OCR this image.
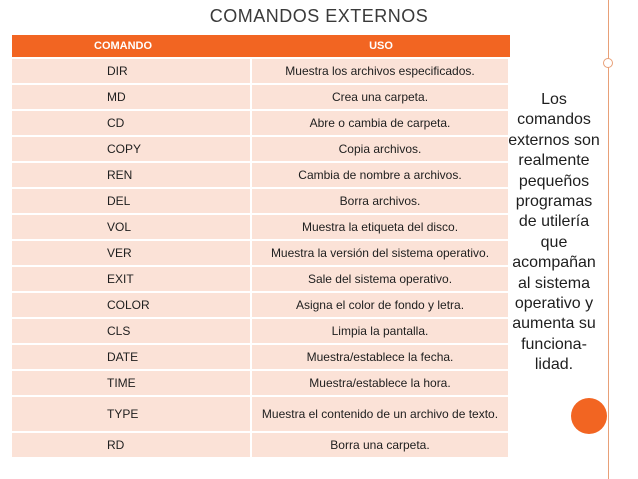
COMANDOS EXTERNOS
COMANDO	USO
DIR	Muestra los archivos especificados.
MD	Crea una carpeta.
CD	Abre o cambia de carpeta.
COPY	Copia archivos.
REN	Cambia de nombre a archivos.
DEL	Borra archivos.
VOL	Muestra la etiqueta del disco.
VER	Muestra la versión del sistema operativo.
EXIT	Sale del sistema operativo.
COLOR	Asigna el color de fondo y letra.
CLS	Limpia la pantalla.
DATE	Muestra/establece la fecha.
TIME	Muestra/establece la hora.
TYPE	Muestra el contenido de un archivo de texto.
RD	Borra una carpeta.
Los comandos externos son realmente pequeños programas de utilería que acompañan al sistema operativo y aumenta su funciona-lidad.
